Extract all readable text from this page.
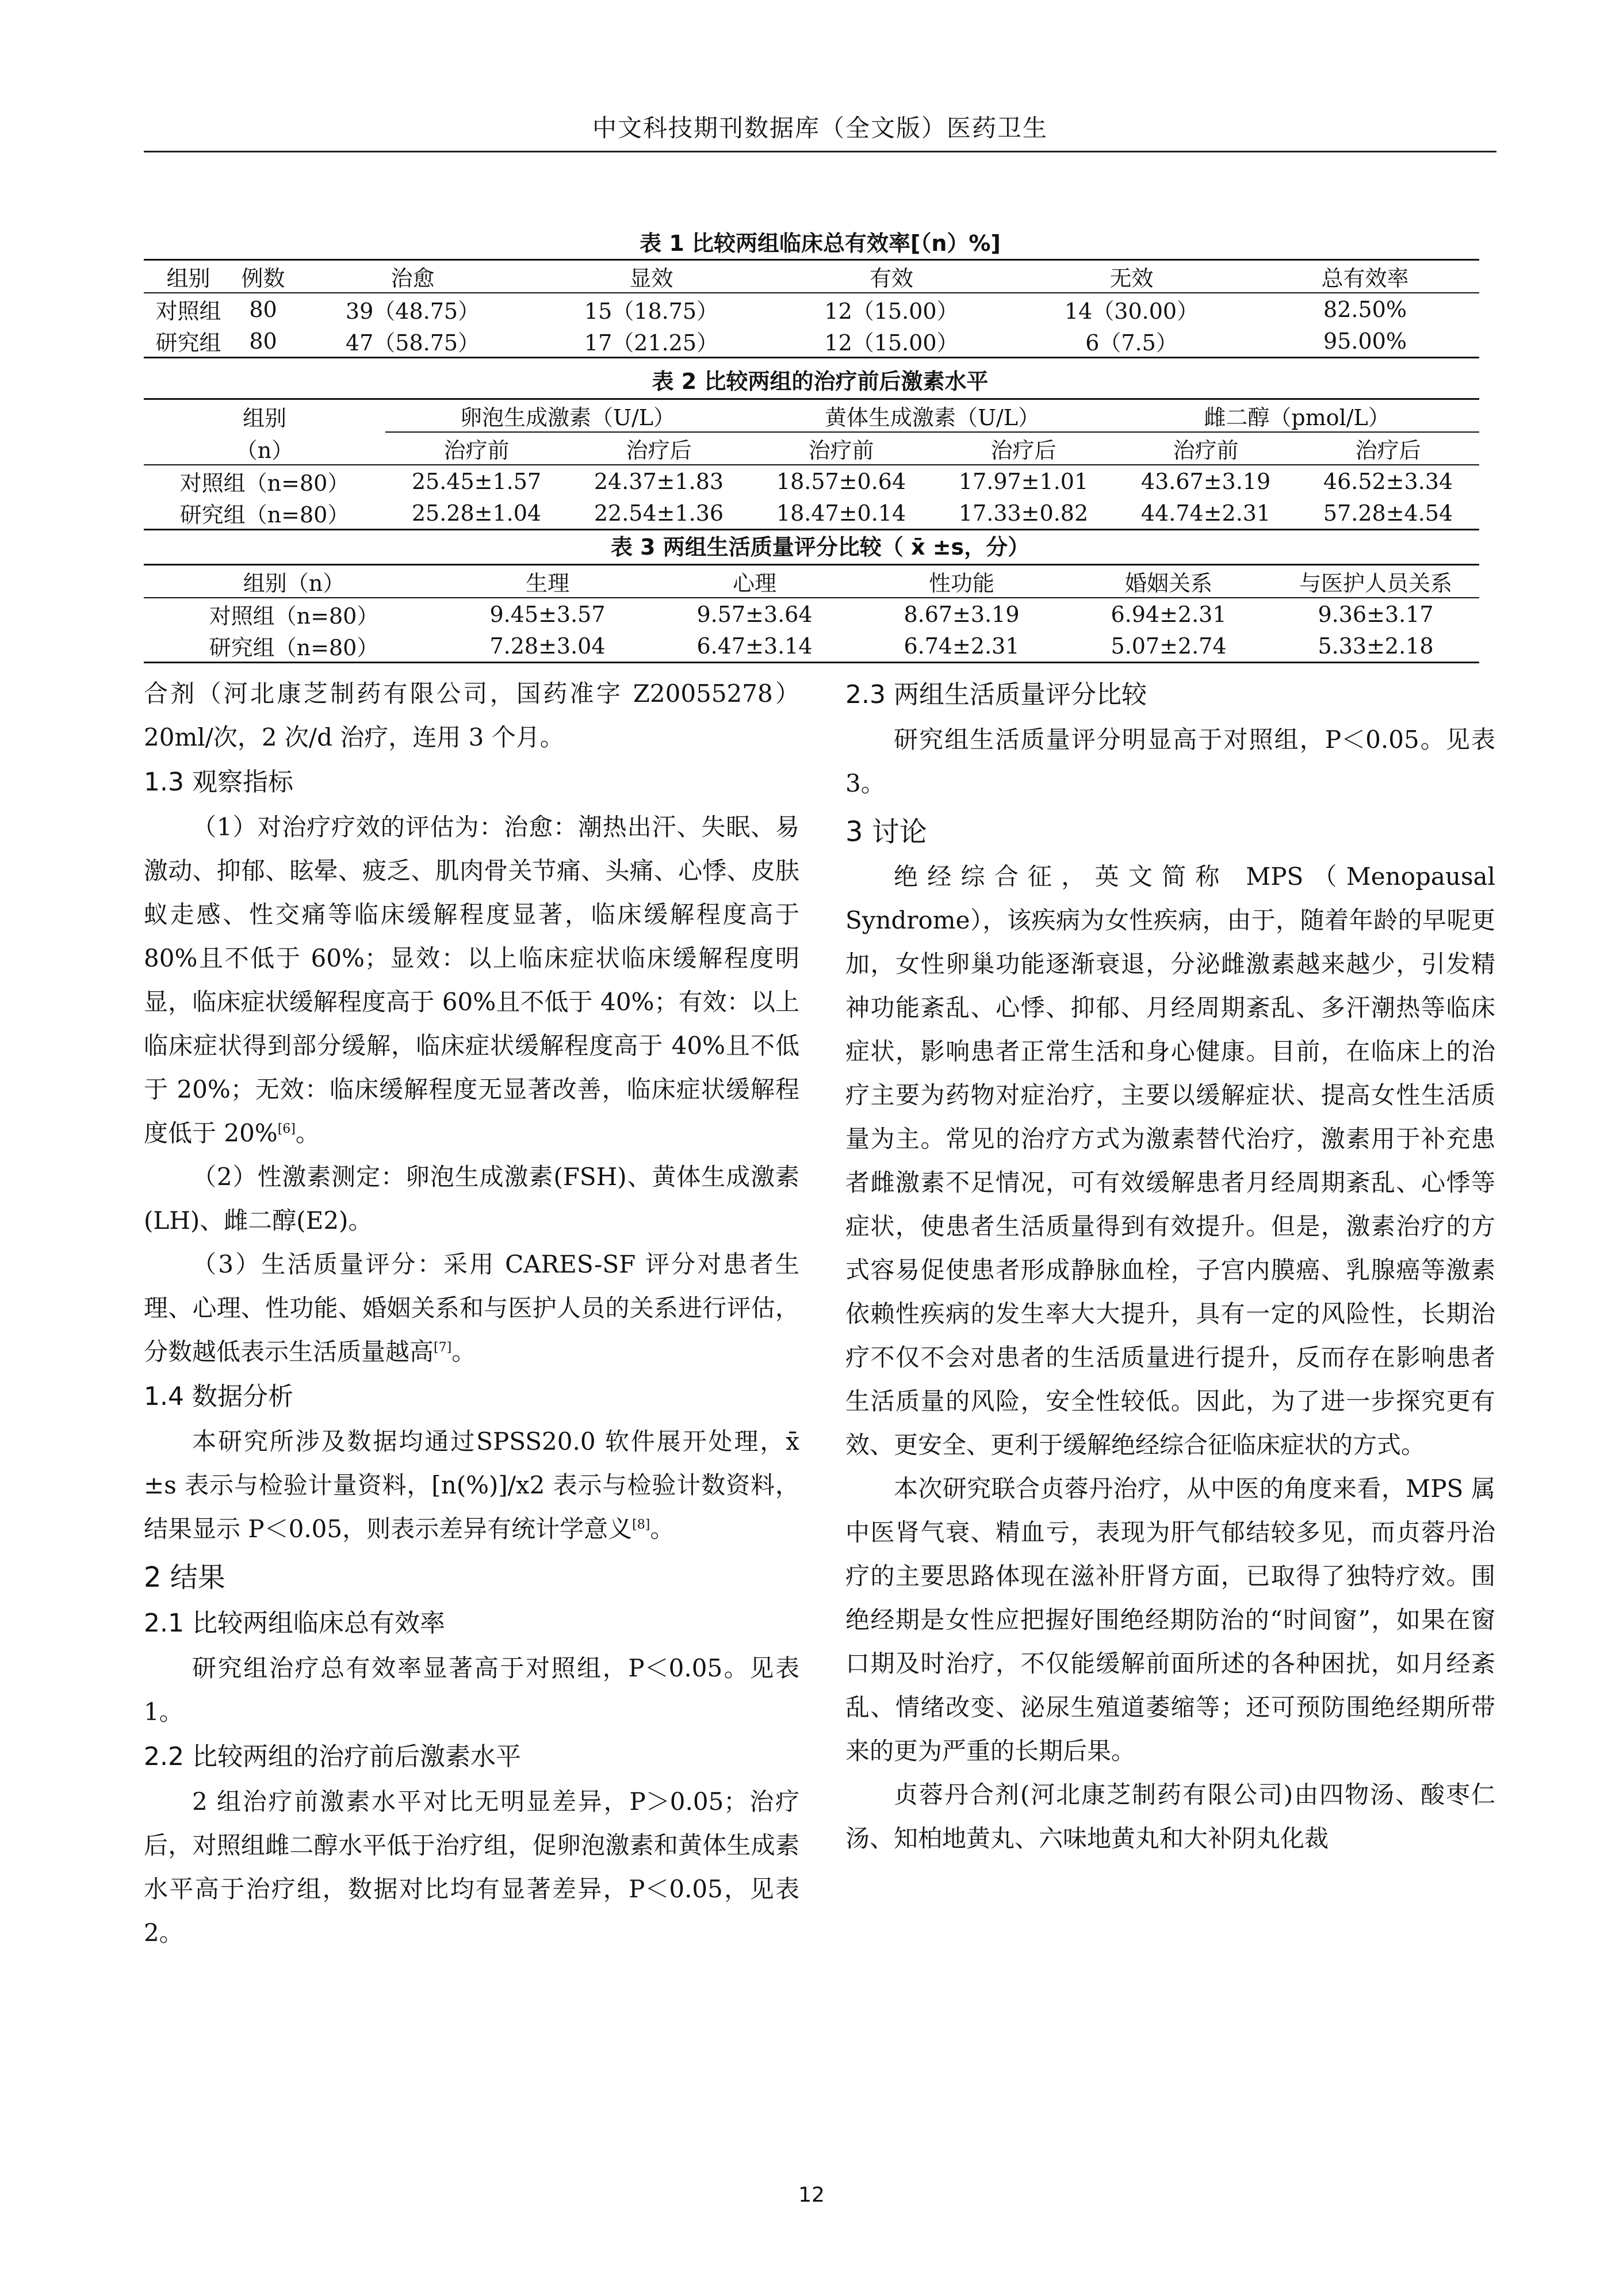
中文科技期刊数据库（全文版）医药卫生
表 1 比较两组临床总有效率[（n）%]
组别	例数	治愈	显效	有效	无效	总有效率
对照组	80	39（48.75）	15（18.75）	12（15.00）	14（30.00）	82.50%
研究组	80	47（58.75）	17（21.25）	12（15.00）	6（7.5）	95.00%
表 2 比较两组的治疗前后激素水平
组别	卵泡生成激素（U/L）		黄体生成激素（U/L）		雌二醇（pmol/L）	
（n）	治疗前	治疗后	治疗前	治疗后	治疗前	治疗后
对照组（n=80）	25.45±1.57	24.37±1.83	18.57±0.64	17.97±1.01	43.67±3.19	46.52±3.34
研究组（n=80）	25.28±1.04	22.54±1.36	18.47±0.14	17.33±0.82	44.74±2.31	57.28±4.54
表 3 两组生活质量评分比较（ x̄ ±s，分）
组别（n）	生理	心理	性功能	婚姻关系	与医护人员关系
对照组（n=80）	9.45±3.57	9.57±3.64	8.67±3.19	6.94±2.31	9.36±3.17
研究组（n=80）	7.28±3.04	6.47±3.14	6.74±2.31	5.07±2.74	5.33±2.18

合剂（河北康芝制药有限公司，国药准字 Z20055278）20ml/次，2 次/d 治疗，连用 3 个月。

1.3 观察指标

（1）对治疗疗效的评估为：治愈：潮热出汗、失眠、易激动、抑郁、眩晕、疲乏、肌肉骨关节痛、头痛、心悸、皮肤蚁走感、性交痛等临床缓解程度显著，临床缓解程度高于 80%且不低于 60%；显效：以上临床症状临床缓解程度明显，临床症状缓解程度高于 60%且不低于 40%；有效：以上临床症状得到部分缓解，临床症状缓解程度高于 40%且不低于 20%；无效：临床缓解程度无显著改善，临床症状缓解程度低于 20%[6]。

（2）性激素测定：卵泡生成激素(FSH)、黄体生成激素(LH)、雌二醇(E2)。

（3）生活质量评分：采用 CARES-SF 评分对患者生理、心理、性功能、婚姻关系和与医护人员的关系进行评估，分数越低表示生活质量越高[7]。

1.4 数据分析

本研究所涉及数据均通过SPSS20.0 软件展开处理，x̄ ±s 表示与检验计量资料，[n(%)]/x2 表示与检验计数资料，结果显示 P＜0.05，则表示差异有统计学意义[8]。

2 结果
2.1 比较两组临床总有效率

研究组治疗总有效率显著高于对照组，P＜0.05。见表 1。

2.2 比较两组的治疗前后激素水平

2 组治疗前激素水平对比无明显差异，P＞0.05；治疗后，对照组雌二醇水平低于治疗组，促卵泡激素和黄体生成素水平高于治疗组，数据对比均有显著差异，P＜0.05，见表 2。

2.3 两组生活质量评分比较

研究组生活质量评分明显高于对照组，P＜0.05。见表 3。

3 讨论

绝经综合征，英文简称 MPS（Menopausal Syndrome），该疾病为女性疾病，由于，随着年龄的早呢更加，女性卵巢功能逐渐衰退，分泌雌激素越来越少，引发精神功能紊乱、心悸、抑郁、月经周期紊乱、多汗潮热等临床症状，影响患者正常生活和身心健康。目前，在临床上的治疗主要为药物对症治疗，主要以缓解症状、提高女性生活质量为主。常见的治疗方式为激素替代治疗，激素用于补充患者雌激素不足情况，可有效缓解患者月经周期紊乱、心悸等症状，使患者生活质量得到有效提升。但是，激素治疗的方式容易促使患者形成静脉血栓，子宫内膜癌、乳腺癌等激素依赖性疾病的发生率大大提升，具有一定的风险性，长期治疗不仅不会对患者的生活质量进行提升，反而存在影响患者生活质量的风险，安全性较低。因此，为了进一步探究更有效、更安全、更利于缓解绝经综合征临床症状的方式。

本次研究联合贞蓉丹治疗，从中医的角度来看，MPS 属中医肾气衰、精血亏，表现为肝气郁结较多见，而贞蓉丹治疗的主要思路体现在滋补肝肾方面，已取得了独特疗效。围绝经期是女性应把握好围绝经期防治的“时间窗”，如果在窗口期及时治疗，不仅能缓解前面所述的各种困扰，如月经紊乱、情绪改变、泌尿生殖道萎缩等；还可预防围绝经期所带来的更为严重的长期后果。

贞蓉丹合剂(河北康芝制药有限公司)由四物汤、酸枣仁汤、知柏地黄丸、六味地黄丸和大补阴丸化裁

12
